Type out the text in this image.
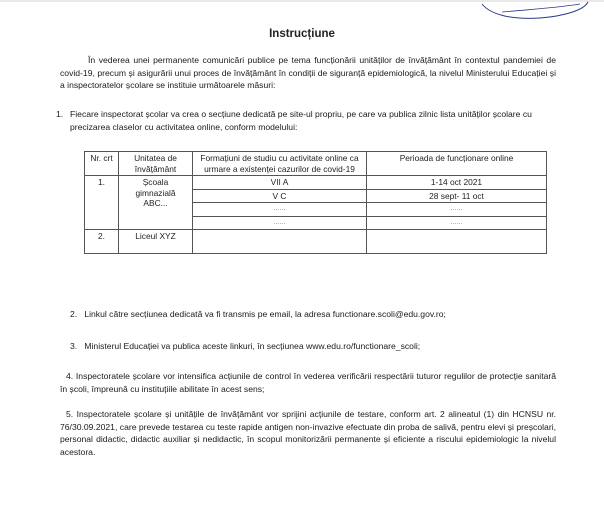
Instrucțiune
În vederea unei permanente comunicări publice pe tema funcționării unităților de învățământ în contextul pandemiei de covid-19, precum și asigurării unui proces de învățământ în condiții de siguranță epidemiologică, la nivelul Ministerului Educației și a inspectoratelor școlare se instituie următoarele măsuri:
1. Fiecare inspectorat școlar va crea o secțiune dedicată pe site-ul propriu, pe care va publica zilnic lista unităților școlare cu precizarea claselor cu activitatea online, conform modelului:
Nr. crt	Unitatea de învățământ	Formațiuni de studiu cu activitate online ca urmare a existenței cazurilor de covid-19	Perioada de funcționare online
1.	Școala gimnazială ABC...	VII A	1-14 oct 2021
		V C	28 sept- 11 oct
		......	......
		......	......
2.	Liceul XYZ		

2. Linkul către secțiunea dedicată va fi transmis pe email, la adresa functionare.scoli@edu.gov.ro;
3. Ministerul Educației va publica aceste linkuri, în secțiunea www.edu.ro/functionare_scoli;
4. Inspectoratele școlare vor intensifica acțiunile de control în vederea verificării respectării tuturor regulilor de protecție sanitară în școli, împreună cu instituțiile abilitate în acest sens;
5. Inspectoratele școlare și unitățile de învățământ vor sprijini acțiunile de testare, conform art. 2 alineatul (1) din HCNSU nr. 76/30.09.2021, care prevede testarea cu teste rapide antigen non-invazive efectuate din proba de salivă, pentru elevi și preșcolari, personal didactic, didactic auxiliar și nedidactic, în scopul monitorizării permanente și eficiente a riscului epidemiologic la nivelul acestora.
